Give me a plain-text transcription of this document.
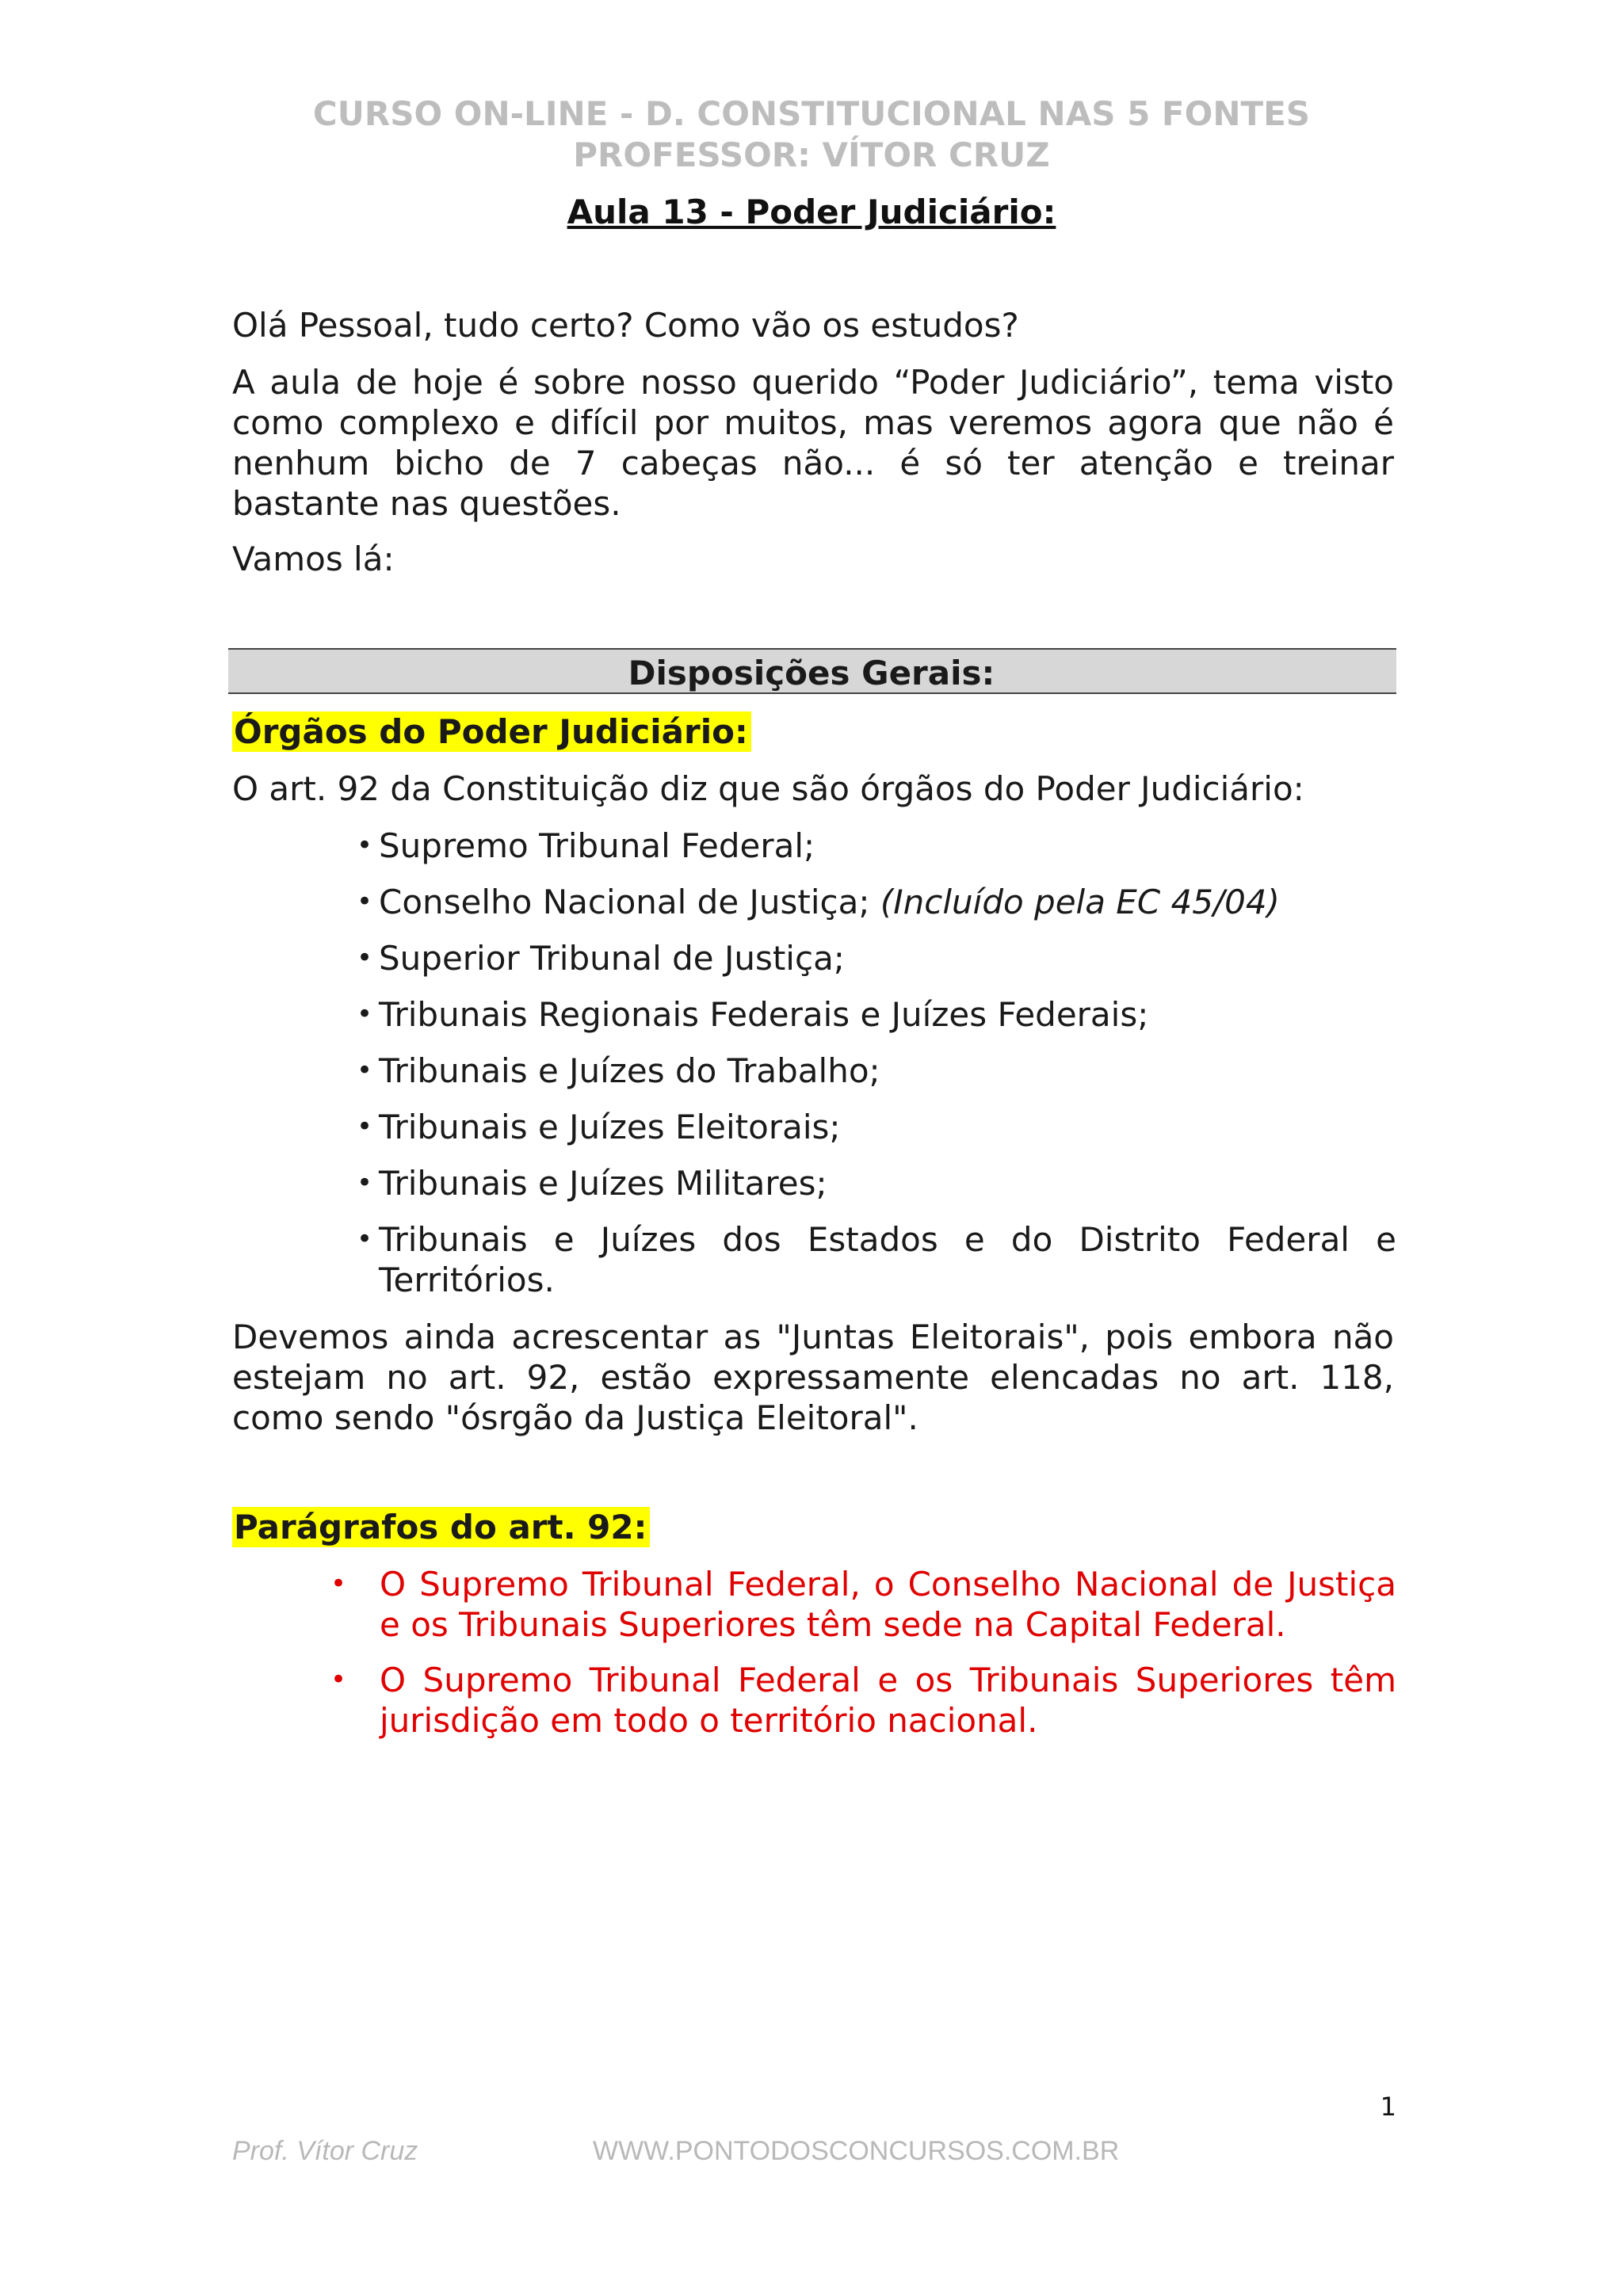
CURSO ON-LINE - D. CONSTITUCIONAL NAS 5 FONTES
PROFESSOR: VÍTOR CRUZ
Aula 13 - Poder Judiciário:

Olá Pessoal, tudo certo? Como vão os estudos?

A aula de hoje é sobre nosso querido “Poder Judiciário”, tema visto como complexo e difícil por muitos, mas veremos agora que não é nenhum bicho de 7 cabeças não... é só ter atenção e treinar bastante nas questões.

Vamos lá:

Disposições Gerais:
Órgãos do Poder Judiciário:

O art. 92 da Constituição diz que são órgãos do Poder Judiciário:

• Supremo Tribunal Federal;
• Conselho Nacional de Justiça; (Incluído pela EC 45/04)
• Superior Tribunal de Justiça;
• Tribunais Regionais Federais e Juízes Federais;
• Tribunais e Juízes do Trabalho;
• Tribunais e Juízes Eleitorais;
• Tribunais e Juízes Militares;
• Tribunais e Juízes dos Estados e do Distrito Federal e Territórios.

Devemos ainda acrescentar as "Juntas Eleitorais", pois embora não estejam no art. 92, estão expressamente elencadas no art. 118, como sendo "ósrgão da Justiça Eleitoral".

Parágrafos do art. 92:
• O Supremo Tribunal Federal, o Conselho Nacional de Justiça e os Tribunais Superiores têm sede na Capital Federal.
• O Supremo Tribunal Federal e os Tribunais Superiores têm jurisdição em todo o território nacional.
1
Prof. Vítor Cruz	WWW.PONTODOSCONCURSOS.COM.BR
